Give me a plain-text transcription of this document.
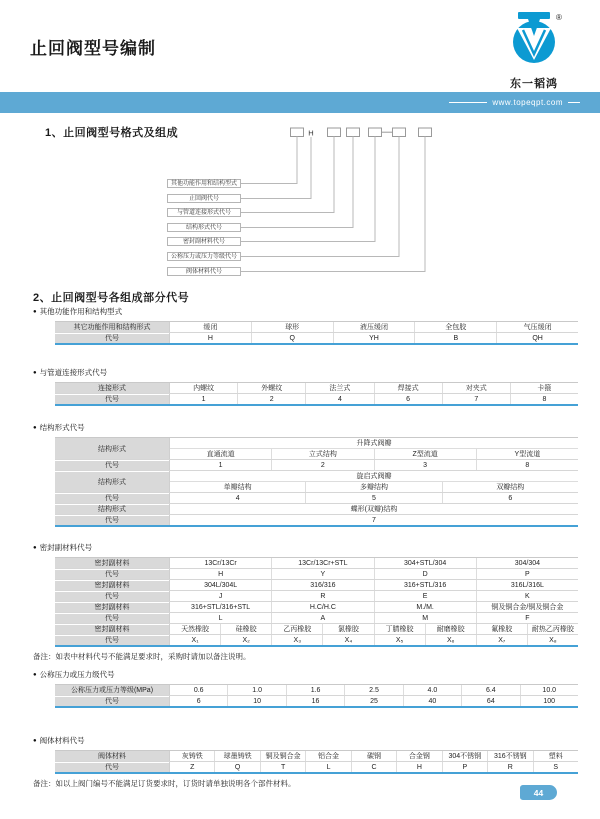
止回阀型号编制
®
东一韬鸿
www.topeqpt.com
1、止回阀型号格式及组成	H
其他功能作用和结构型式
止回阀代号
与管道连接形式代号
结构形式代号
密封副材料代号
公称压力或压力等级代号
阀体材料代号
2、止回阀型号各组成部分代号
● 其他功能作用和结构型式
其它功能作用和结构形式	缓闭	球形	液压缓闭	全包胶	气压缓闭
代号	H	Q	YH	B	QH
● 与管道连接形式代号
连接形式	内螺纹	外螺纹	法兰式	焊接式	对夹式	卡箍
代号	1	2	4	6	7	8
● 结构形式代号
结构形式
升降式阀瓣
直通流道	立式结构	Z型流道	Y型流道
代号	1	2	3	8
结构形式
旋启式阀瓣
单瓣结构	多瓣结构	双瓣结构
代号	4	5	6
结构形式	蝶形(双瓣)结构
代号	7
● 密封副材料代号
密封副材料	13Cr/13Cr	13Cr/13Cr+STL	304+STL/304	304/304
代号	H	Y	D	P
密封副材料	304L/304L	316/316	316+STL/316	316L/316L
代号	J	R	E	K
密封副材料	316+STL/316+STL	H.C/H.C	M./M.	铜及铜合金/铜及铜合金
代号	L	A	M	F
密封副材料	天然橡胶	硅橡胶	乙丙橡胶	氯橡胶	丁腈橡胶	耐磨橡胶	氟橡胶	耐热乙丙橡胶
代号	X₁	X₂	X₃	X₄	X₅	X₆	X₇	X₈
备注：如表中材料代号不能满足要求时，采购时请加以备注说明。
● 公称压力或压力级代号
公称压力或压力等级(MPa)	0.6	1.0	1.6	2.5	4.0	6.4	10.0
代号	6	10	16	25	40	64	100
● 阀体材料代号
阀体材料	灰铸铁	球墨铸铁	铜及铜合金	铝合金	碳钢	合金钢	304不锈钢	316不锈钢	塑料
代号	Z	Q	T	L	C	H	P	R	S
备注：如以上阀门编号不能满足订货要求时，订货时请单独说明各个部件材料。
44
